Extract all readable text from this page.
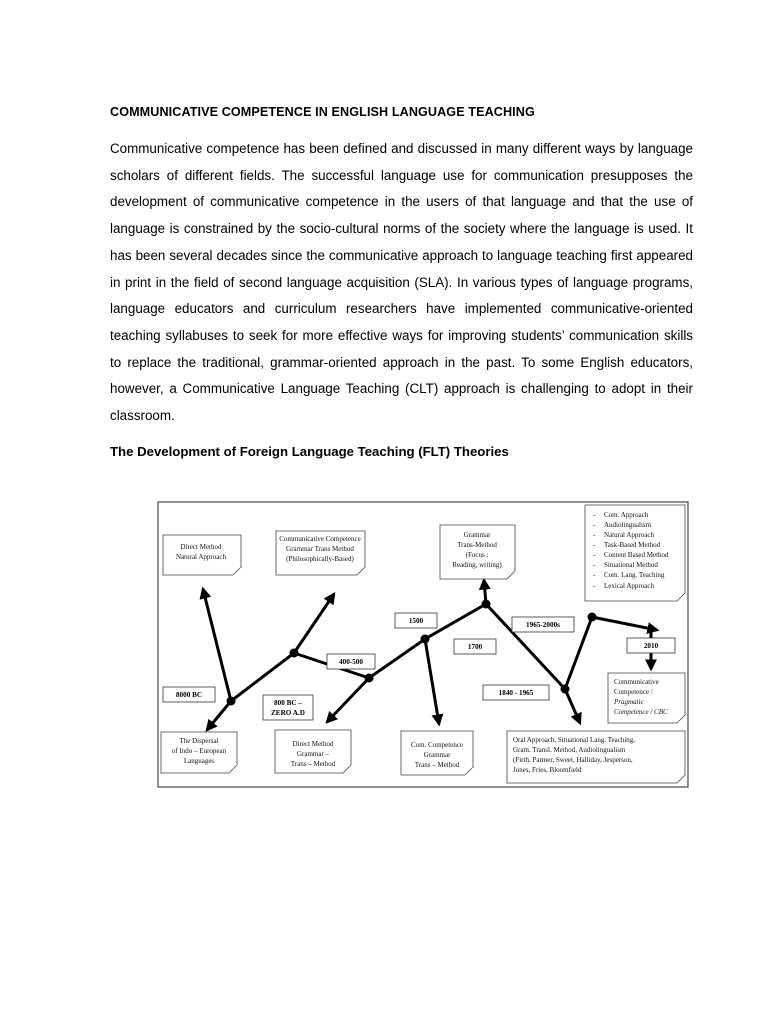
COMMUNICATIVE COMPETENCE IN ENGLISH LANGUAGE TEACHING
Communicative competence has been defined and discussed in many different ways by language scholars of different fields. The successful language use for communication presupposes the development of communicative competence in the users of that language and that the use of language is constrained by the socio-cultural norms of the society where the language is used. It has been several decades since the communicative approach to language teaching first appeared in print in the field of second language acquisition (SLA). In various types of language programs, language educators and curriculum researchers have implemented communicative-oriented teaching syllabuses to seek for more effective ways for improving students’ communication skills to replace the traditional, grammar-oriented approach in the past. To some English educators, however, a Communicative Language Teaching (CLT) approach is challenging to adopt in their classroom.
The Development of Foreign Language Teaching (FLT) Theories
Direct Method
Natural Approach
Communicative Competence
Grammar Trans Method
(Philosophically-Based)
Grammar
Trans-Method
(Focus :
Reading, writing)
- Com. Approach
- Audiolingualism
- Natural Approach
- Task-Based Method
- Content Based Method
- Situational Method
- Com. Lang. Teaching
- Lexical Approach
The Dispersal
of Indo – European
Languages
Direct Method
Grammar –
Trans – Method
Com. Competence
Grammar
Trans – Method
Oral Approach, Situational Lang. Teaching,
Gram. Transl. Method, Audiolingualism
(Firth, Parmer, Sweet, Halliday, Jesperson,
Jones, Fries, Bloomfield
Communicative
Competence /
Pragmatic
Competence / CBC
8000 BC
800 BC –
ZERO A.D
400-500
1500
1700
1840 - 1965
1965-2000s
2010
